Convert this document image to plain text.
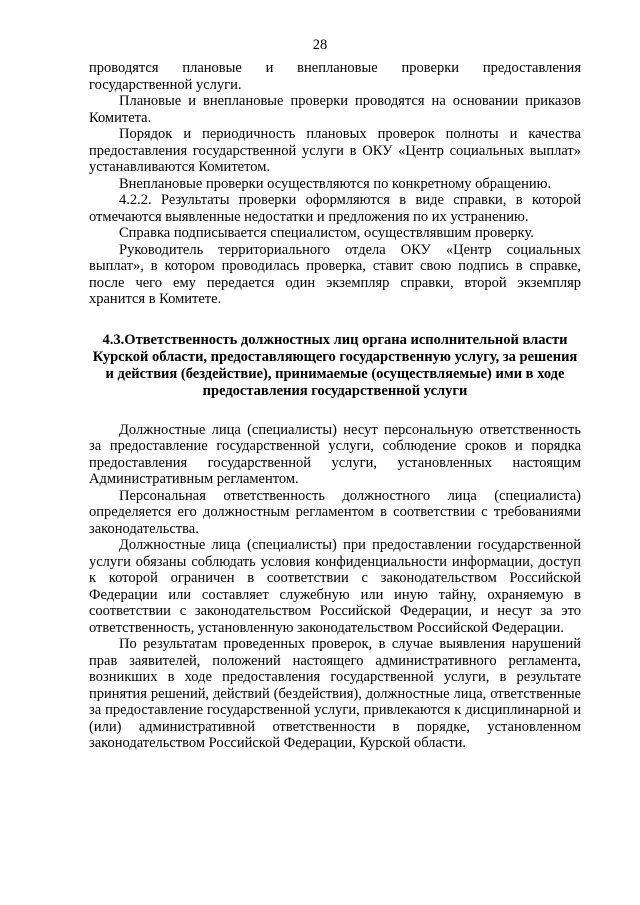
28

проводятся плановые и внеплановые проверки предоставления государственной услуги.

Плановые и внеплановые проверки проводятся на основании приказов Комитета.

Порядок и периодичность плановых проверок полноты и качества предоставления государственной услуги в ОКУ «Центр социальных выплат» устанавливаются Комитетом.

Внеплановые проверки осуществляются по конкретному обращению.

4.2.2. Результаты проверки оформляются в виде справки, в которой отмечаются выявленные недостатки и предложения по их устранению.

Справка подписывается специалистом, осуществлявшим проверку.

Руководитель территориального отдела ОКУ «Центр социальных выплат», в котором проводилась проверка, ставит свою подпись в справке, после чего ему передается один экземпляр справки, второй экземпляр хранится в Комитете.

4.3.Ответственность должностных лиц органа исполнительной власти Курской области, предоставляющего государственную услугу, за решения и действия (бездействие), принимаемые (осуществляемые) ими в ходе предоставления государственной услуги

Должностные лица (специалисты) несут персональную ответственность за предоставление государственной услуги, соблюдение сроков и порядка предоставления государственной услуги, установленных настоящим Административным регламентом.

Персональная ответственность должностного лица (специалиста) определяется его должностным регламентом в соответствии с требованиями законодательства.

Должностные лица (специалисты) при предоставлении государственной услуги обязаны соблюдать условия конфиденциальности информации, доступ к которой ограничен в соответствии с законодательством Российской Федерации или составляет служебную или иную тайну, охраняемую в соответствии с законодательством Российской Федерации, и несут за это ответственность, установленную законодательством Российской Федерации.

По результатам проведенных проверок, в случае выявления нарушений прав заявителей, положений настоящего административного регламента, возникших в ходе предоставления государственной услуги, в результате принятия решений, действий (бездействия), должностные лица, ответственные за предоставление государственной услуги, привлекаются к дисциплинарной и (или) административной ответственности в порядке, установленном законодательством Российской Федерации, Курской области.
